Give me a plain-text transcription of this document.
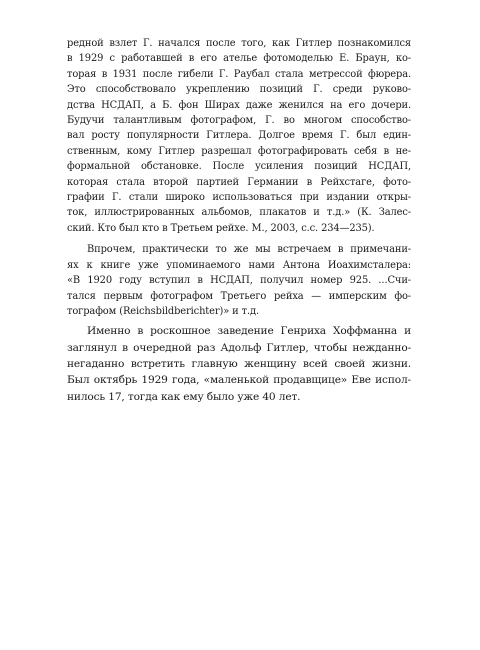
редной взлет Г. начался после того, как Гитлер познакомился
в 1929 с работавшей в его ателье фотомоделью Е. Браун, ко-
торая в 1931 после гибели Г. Раубал стала метрессой фюрера.
Это способствовало укреплению позиций Г. среди руково-
дства НСДАП, а Б. фон Ширах даже женился на его дочери.
Будучи талантливым фотографом, Г. во многом способство-
вал росту популярности Гитлера. Долгое время Г. был един-
ственным, кому Гитлер разрешал фотографировать себя в не-
формальной обстановке. После усиления позиций НСДАП,
которая стала второй партией Германии в Рейхстаге, фото-
графии Г. стали широко использоваться при издании откры-
ток, иллюстрированных альбомов, плакатов и т.д.» (К. Залес-
ский. Кто был кто в Третьем рейхе. М., 2003, с.с. 234—235).
Впрочем, практически то же мы встречаем в примечани-
ях к книге уже упоминаемого нами Антона Иоахимсталера:
«В 1920 году вступил в НСДАП, получил номер 925. ...Счи-
тался первым фотографом Третьего рейха — имперским фо-
тографом (Reichsbildberichter)» и т.д.
Именно в роскошное заведение Генриха Хоффманна и
заглянул в очередной раз Адольф Гитлер, чтобы нежданно-
негаданно встретить главную женщину всей своей жизни.
Был октябрь 1929 года, «маленькой продавщице» Еве испол-
нилось 17, тогда как ему было уже 40 лет.
